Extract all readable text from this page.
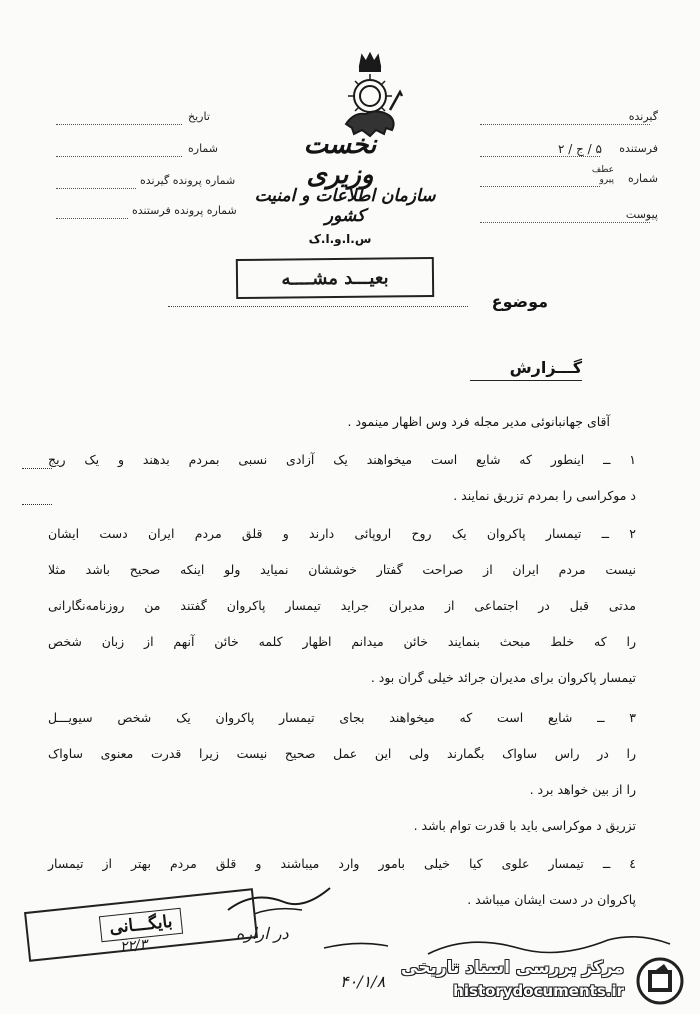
گیرنده
فرستنده
۵ / ج / ۲
شماره
عطف
پیرو
پیوست
تاریخ
شماره
شماره پرونده گیرنده
شماره پرونده فرستنده
نخست وزیری
سازمان اطلاعات و امنیت کشور
س.ا.و.ا.ک
بعیـــد مشــــه
موضوع
گـــزارش
آقای جهانبانوئی مدیر مجله فرد وس اظهار مینمود .
۱ ــ اینطور که شایع است میخواهند یک آزادی نسبی بمردم بدهند و یک ریج
د موکراسی را بمردم تزریق نمایند .
۲ ــ تیمسار پاکروان یک روح اروپائی دارند و قلق مردم ایران دست ایشان
نیست مردم ایران از صراحت گفتار خوششان نمیاید ولو اینکه صحیح باشد مثلا
مدتی قبل در اجتماعی از مدیران جراید تیمسار پاکروان گفتند من روزنامه‌نگارانی
را که خلط مبحث بنمایند خائن میدانم اظهار کلمه خائن آنهم از زبان شخص
تیمسار پاکروان برای مدیران جرائد خیلی گران بود .
۳ ــ شایع است که میخواهند بجای تیمسار پاکروان یک شخص سیویـــل
را در راس ساواک بگمارند ولی این عمل صحیح نیست زیرا قدرت معنوی ساواک
را از بین خواهد برد .
تزریق د موکراسی باید با قدرت توام باشد .
٤ ــ تیمسار علوی کیا خیلی بامور وارد میباشند و قلق مردم بهتر از تیمسار
پاکروان در دست ایشان میباشد .
در اراره
۴۰/۱/۸
بایگـــانی
۲۲/۳
مرکز بررسی اسناد تاریخی
historydocuments.ir
